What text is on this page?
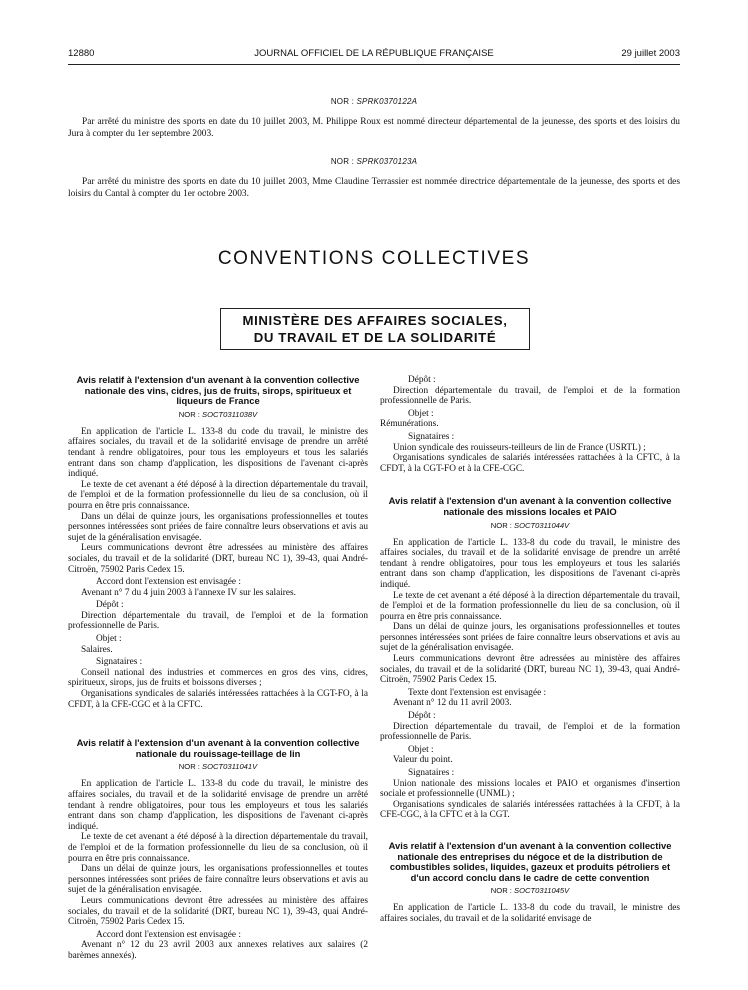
12880	JOURNAL OFFICIEL DE LA RÉPUBLIQUE FRANÇAISE	29 juillet 2003
NOR : SPRK0370122A

Par arrêté du ministre des sports en date du 10 juillet 2003, M. Philippe Roux est nommé directeur départemental de la jeunesse, des sports et des loisirs du Jura à compter du 1er septembre 2003.

NOR : SPRK0370123A

Par arrêté du ministre des sports en date du 10 juillet 2003, Mme Claudine Terrassier est nommée directrice départementale de la jeunesse, des sports et des loisirs du Cantal à compter du 1er octobre 2003.

CONVENTIONS COLLECTIVES
MINISTÈRE DES AFFAIRES SOCIALES,
DU TRAVAIL ET DE LA SOLIDARITÉ

Avis relatif à l'extension d'un avenant à la convention collective nationale des vins, cidres, jus de fruits, sirops, spiritueux et liqueurs de France

NOR : SOCT0311038V

En application de l'article L. 133-8 du code du travail, le ministre des affaires sociales, du travail et de la solidarité envisage de prendre un arrêté tendant à rendre obligatoires, pour tous les employeurs et tous les salariés entrant dans son champ d'application, les dispositions de l'avenant ci-après indiqué.

Le texte de cet avenant a été déposé à la direction départementale du travail, de l'emploi et de la formation professionnelle du lieu de sa conclusion, où il pourra en être pris connaissance.

Dans un délai de quinze jours, les organisations professionnelles et toutes personnes intéressées sont priées de faire connaître leurs observations et avis au sujet de la généralisation envisagée.

Leurs communications devront être adressées au ministère des affaires sociales, du travail et de la solidarité (DRT, bureau NC 1), 39-43, quai André-Citroën, 75902 Paris Cedex 15.

Accord dont l'extension est envisagée :

Avenant n° 7 du 4 juin 2003 à l'annexe IV sur les salaires.

Dépôt :

Direction départementale du travail, de l'emploi et de la formation professionnelle de Paris.

Objet :

Salaires.

Signataires :

Conseil national des industries et commerces en gros des vins, cidres, spiritueux, sirops, jus de fruits et boissons diverses ;

Organisations syndicales de salariés intéressées rattachées à la CGT-FO, à la CFDT, à la CFE-CGC et à la CFTC.

Avis relatif à l'extension d'un avenant à la convention collective nationale du rouissage-teillage de lin

NOR : SOCT0311041V

En application de l'article L. 133-8 du code du travail, le ministre des affaires sociales, du travail et de la solidarité envisage de prendre un arrêté tendant à rendre obligatoires, pour tous les employeurs et tous les salariés entrant dans son champ d'application, les dispositions de l'avenant ci-après indiqué.

Le texte de cet avenant a été déposé à la direction départementale du travail, de l'emploi et de la formation professionnelle du lieu de sa conclusion, où il pourra en être pris connaissance.

Dans un délai de quinze jours, les organisations professionnelles et toutes personnes intéressées sont priées de faire connaître leurs observations et avis au sujet de la généralisation envisagée.

Leurs communications devront être adressées au ministère des affaires sociales, du travail et de la solidarité (DRT, bureau NC 1), 39-43, quai André-Citroën, 75902 Paris Cedex 15.

Accord dont l'extension est envisagée :

Avenant n° 12 du 23 avril 2003 aux annexes relatives aux salaires (2 barèmes annexés).

Dépôt :

Direction départementale du travail, de l'emploi et de la formation professionnelle de Paris.

Objet :

Rémunérations.

Signataires :

Union syndicale des rouisseurs-teilleurs de lin de France (USRTL) ;

Organisations syndicales de salariés intéressées rattachées à la CFTC, à la CFDT, à la CGT-FO et à la CFE-CGC.

Avis relatif à l'extension d'un avenant à la convention collective nationale des missions locales et PAIO

NOR : SOCT0311044V

En application de l'article L. 133-8 du code du travail, le ministre des affaires sociales, du travail et de la solidarité envisage de prendre un arrêté tendant à rendre obligatoires, pour tous les employeurs et tous les salariés entrant dans son champ d'application, les dispositions de l'avenant ci-après indiqué.

Le texte de cet avenant a été déposé à la direction départementale du travail, de l'emploi et de la formation professionnelle du lieu de sa conclusion, où il pourra en être pris connaissance.

Dans un délai de quinze jours, les organisations professionnelles et toutes personnes intéressées sont priées de faire connaître leurs observations et avis au sujet de la généralisation envisagée.

Leurs communications devront être adressées au ministère des affaires sociales, du travail et de la solidarité (DRT, bureau NC 1), 39-43, quai André-Citroën, 75902 Paris Cedex 15.

Texte dont l'extension est envisagée :

Avenant n° 12 du 11 avril 2003.

Dépôt :

Direction départementale du travail, de l'emploi et de la formation professionnelle de Paris.

Objet :

Valeur du point.

Signataires :

Union nationale des missions locales et PAIO et organismes d'insertion sociale et professionnelle (UNML) ;

Organisations syndicales de salariés intéressées rattachées à la CFDT, à la CFE-CGC, à la CFTC et à la CGT.

Avis relatif à l'extension d'un avenant à la convention collective nationale des entreprises du négoce et de la distribution de combustibles solides, liquides, gazeux et produits pétroliers et d'un accord conclu dans le cadre de cette convention

NOR : SOCT0311045V

En application de l'article L. 133-8 du code du travail, le ministre des affaires sociales, du travail et de la solidarité envisage de
